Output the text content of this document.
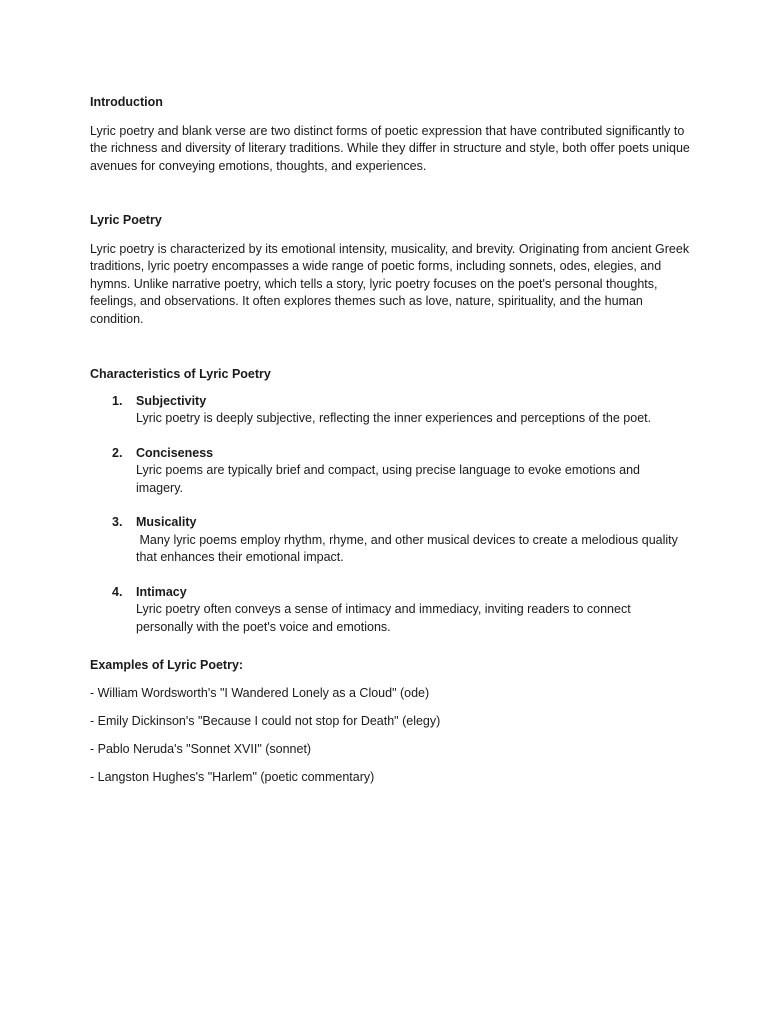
Introduction

Lyric poetry and blank verse are two distinct forms of poetic expression that have contributed significantly to the richness and diversity of literary traditions. While they differ in structure and style, both offer poets unique avenues for conveying emotions, thoughts, and experiences.

Lyric Poetry

Lyric poetry is characterized by its emotional intensity, musicality, and brevity. Originating from ancient Greek traditions, lyric poetry encompasses a wide range of poetic forms, including sonnets, odes, elegies, and hymns. Unlike narrative poetry, which tells a story, lyric poetry focuses on the poet's personal thoughts, feelings, and observations. It often explores themes such as love, nature, spirituality, and the human condition.

Characteristics of Lyric Poetry

1. Subjectivity
Lyric poetry is deeply subjective, reflecting the inner experiences and perceptions of the poet.
2. Conciseness
Lyric poems are typically brief and compact, using precise language to evoke emotions and imagery.
3. Musicality
Many lyric poems employ rhythm, rhyme, and other musical devices to create a melodious quality that enhances their emotional impact.
4. Intimacy
Lyric poetry often conveys a sense of intimacy and immediacy, inviting readers to connect personally with the poet's voice and emotions.

Examples of Lyric Poetry:

- William Wordsworth's "I Wandered Lonely as a Cloud" (ode)
- Emily Dickinson's "Because I could not stop for Death" (elegy)
- Pablo Neruda's "Sonnet XVII" (sonnet)
- Langston Hughes's "Harlem" (poetic commentary)
